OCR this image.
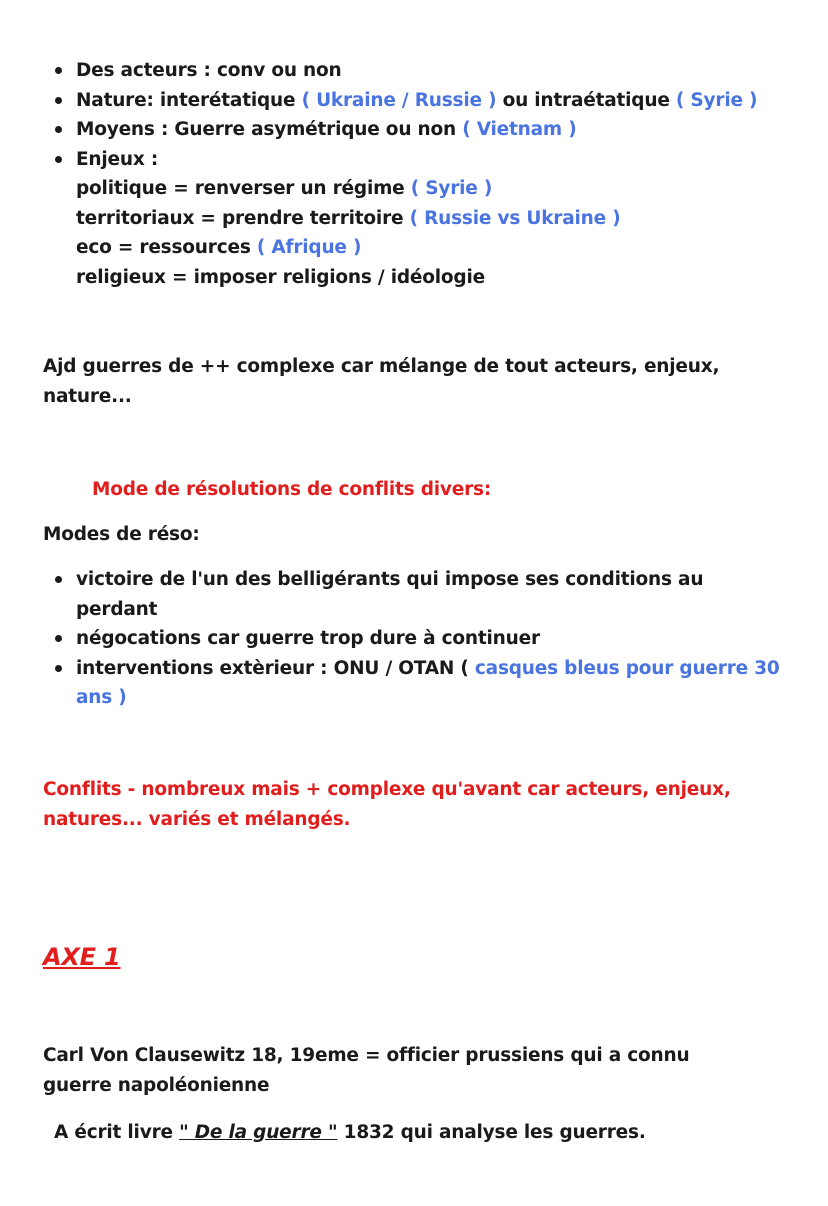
Des acteurs : conv ou non
Nature: interétatique ( Ukraine / Russie ) ou intraétatique ( Syrie )
Moyens : Guerre asymétrique ou non ( Vietnam )
Enjeux :
politique = renverser un régime ( Syrie )
territoriaux = prendre territoire ( Russie vs Ukraine )
eco = ressources ( Afrique )
religieux = imposer religions / idéologie
Ajd guerres de ++ complexe car mélange de tout acteurs, enjeux, nature...
Mode de résolutions de conflits divers:
Modes de réso:
victoire de l'un des belligérants qui impose ses conditions au perdant
négocations car guerre trop dure à continuer
interventions extèrieur : ONU / OTAN ( casques bleus pour guerre 30 ans )
Conflits - nombreux mais + complexe qu'avant car acteurs, enjeux, natures... variés et mélangés.
AXE 1
Carl Von Clausewitz 18, 19eme = officier prussiens qui a connu guerre napoléonienne
A écrit livre " De la guerre " 1832 qui analyse les guerres.
